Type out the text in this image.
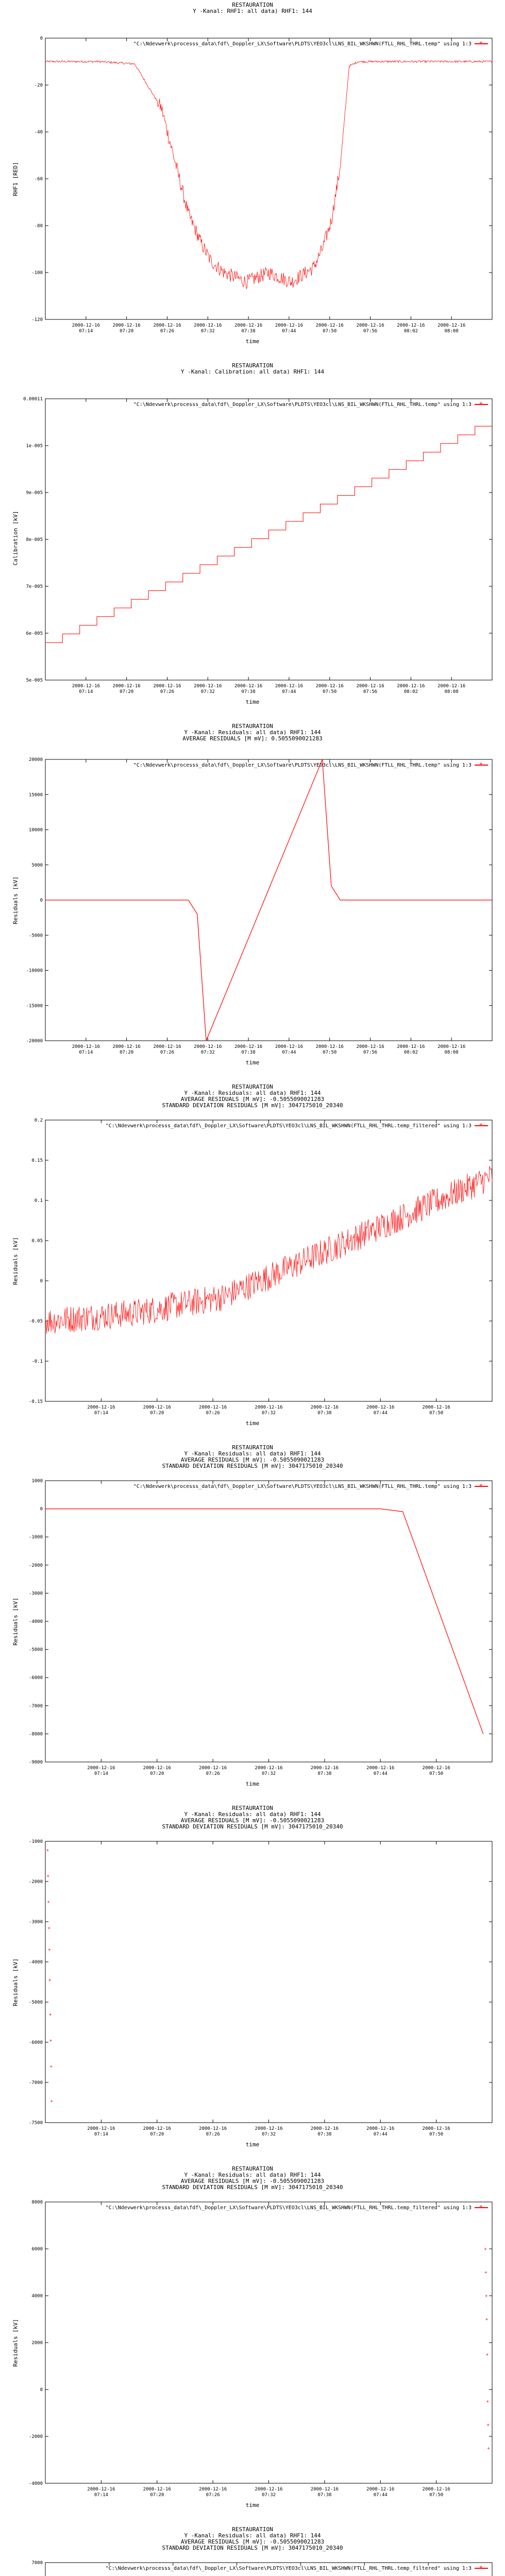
RESTAURATION
Y -Kanal: RHF1: all data) RHF1: 144
0
-20
-40
-60
-80
-100
-120
2000-12-16
07:14
2000-12-16
07:20
2000-12-16
07:26
2000-12-16
07:32
2000-12-16
07:38
2000-12-16
07:44
2000-12-16
07:50
2000-12-16
07:56
2000-12-16
08:02
2000-12-16
08:08
"C:\Ndevwerk\processs_data\fdf\_Doppler_LX\Software\PLDTS\YEO3cl\LNS_BIL_WKSHWN(FTLL_RHL_THRL.temp" using 1:3+
time
RHF1 [RED]
RESTAURATION
Y -Kanal: Calibration: all data) RHF1: 144
0.00011
1e-005
9e-005
8e-005
7e-005
6e-005
5e-005
2000-12-16
07:14
2000-12-16
07:20
2000-12-16
07:26
2000-12-16
07:32
2000-12-16
07:38
2000-12-16
07:44
2000-12-16
07:50
2000-12-16
07:56
2000-12-16
08:02
2000-12-16
08:08
"C:\Ndevwerk\processs_data\fdf\_Doppler_LX\Software\PLDTS\YEO3cl\LNS_BIL_WKSHWN(FTLL_RHL_THRL.temp" using 1:3+
time
Calibration [kV]
RESTAURATION
Y -Kanal: Residuals: all data) RHF1: 144
AVERAGE RESIDUALS [M mV]: 0.5055090021283
20000
15000
10000
5000
0
-5000
-10000
-15000
-20000
2000-12-16
07:14
2000-12-16
07:20
2000-12-16
07:26
2000-12-16
07:32
2000-12-16
07:38
2000-12-16
07:44
2000-12-16
07:50
2000-12-16
07:56
2000-12-16
08:02
2000-12-16
08:08
"C:\Ndevwerk\processs_data\fdf\_Doppler_LX\Software\PLDTS\YEO3cl\LNS_BIL_WKSHWN(FTLL_RHL_THRL.temp" using 1:3+
time
Residuals [kV]
RESTAURATION
Y -Kanal: Residuals: all data) RHF1: 144
AVERAGE RESIDUALS [M mV]: -0.5055090021283
STANDARD DEVIATION RESIDUALS [M mV]: 3047175010_20340
0.2
0.15
0.1
0.05
0
-0.05
-0.1
-0.15
2000-12-16
07:14
2000-12-16
07:20
2000-12-16
07:26
2000-12-16
07:32
2000-12-16
07:38
2000-12-16
07:44
2000-12-16
07:50
"C:\Ndevwerk\processs_data\fdf\_Doppler_LX\Software\PLDTS\YEO3cl\LNS_BIL_WKSHWN(FTLL_RHL_THRL.temp_filtered" using 1:3+
time
Residuals [kV]
RESTAURATION
Y -Kanal: Residuals: all data) RHF1: 144
AVERAGE RESIDUALS [M mV]: -0.5055090021283
STANDARD DEVIATION RESIDUALS [M mV]: 3047175010_20340
1000
0
-1000
-2000
-3000
-4000
-5000
-6000
-7000
-8000
-9000
2000-12-16
07:14
2000-12-16
07:20
2000-12-16
07:26
2000-12-16
07:32
2000-12-16
07:38
2000-12-16
07:44
2000-12-16
07:50
"C:\Ndevwerk\processs_data\fdf\_Doppler_LX\Software\PLDTS\YEO3cl\LNS_BIL_WKSHWN(FTLL_RHL_THRL.temp" using 1:3+
time
Residuals [kV]
RESTAURATION
Y -Kanal: Residuals: all data) RHF1: 144
AVERAGE RESIDUALS [M mV]: -0.5055090021283
STANDARD DEVIATION RESIDUALS [M mV]: 3047175010_20340
-1000
-2000
-3000
-4000
-5000
-6000
-7000
-7500
2000-12-16
07:14
2000-12-16
07:20
2000-12-16
07:26
2000-12-16
07:32
2000-12-16
07:38
2000-12-16
07:44
2000-12-16
07:50
+
+
+
+
+
+
+
+
+
+
time
Residuals [kV]
RESTAURATION
Y -Kanal: Residuals: all data) RHF1: 144
AVERAGE RESIDUALS [M mV]: -0.5055090021283
STANDARD DEVIATION RESIDUALS [M mV]: 3047175010_20340
8000
6000
4000
2000
0
-2000
-4000
2000-12-16
07:14
2000-12-16
07:20
2000-12-16
07:26
2000-12-16
07:32
2000-12-16
07:38
2000-12-16
07:44
2000-12-16
07:50
+
+
+
+
+
+
+
+
"C:\Ndevwerk\processs_data\fdf\_Doppler_LX\Software\PLDTS\YEO3cl\LNS_BIL_WKSHWN(FTLL_RHL_THRL.temp_filtered" using 1:3+
time
Residuals [kV]
RESTAURATION
Y -Kanal: Residuals: all data) RHF1: 144
AVERAGE RESIDUALS [M mV]: -0.5055090021283
STANDARD DEVIATION RESIDUALS [M mV]: 3047175010_20340
7000
"C:\Ndevwerk\processs_data\fdf\_Doppler_LX\Software\PLDTS\YEO3cl\LNS_BIL_WKSHWN(FTLL_RHL_THRL.temp_filtered" using 1:3+
